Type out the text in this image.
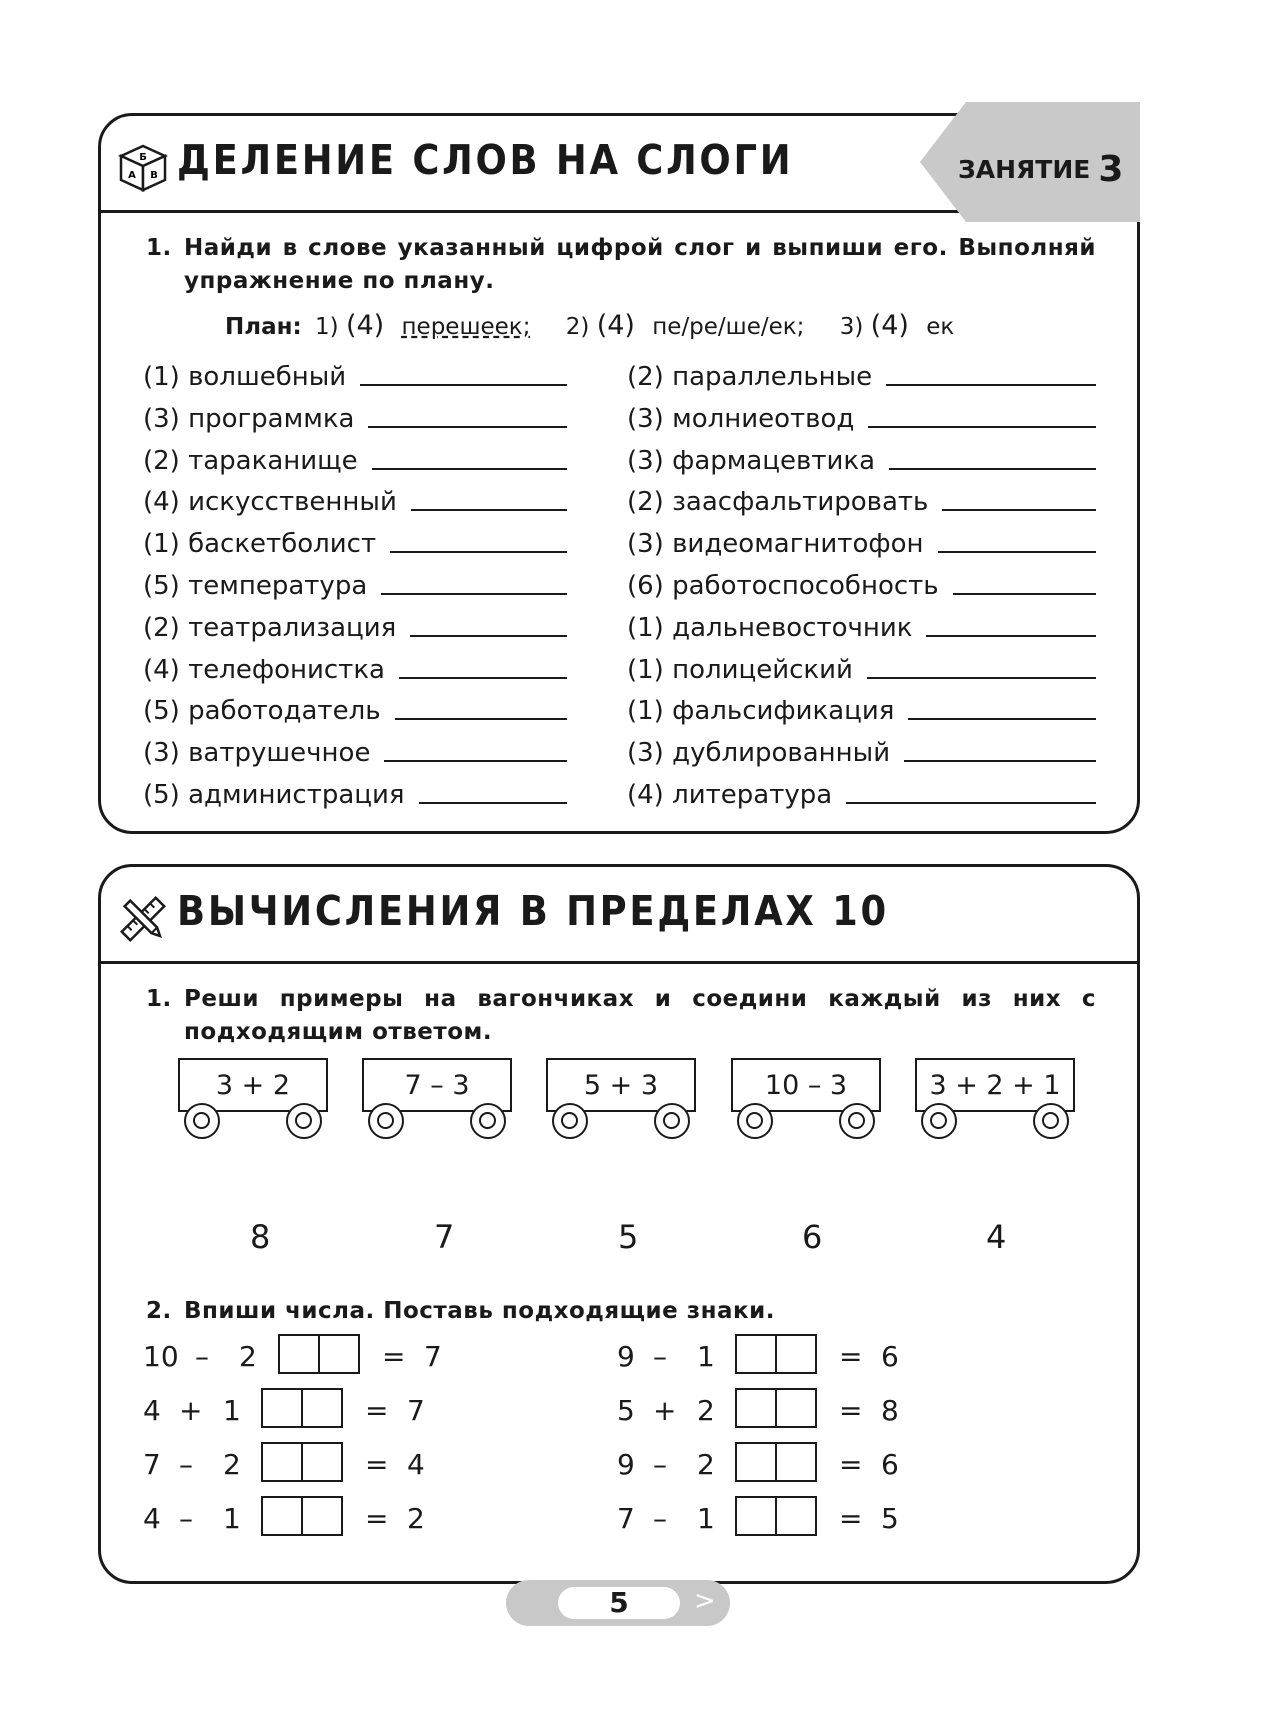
Б
А В ДЕЛЕНИЕ СЛОВ НА СЛОГИ	ЗАНЯТИЕ 3
1. Найди в слове указанный цифрой слог и выпиши его. Выполняй упражнение по плану.
План: 1) (4) перешеек; 2) (4) пе/ре/ше/ек; 3) (4) ек
(1) волшебный
(3) программка
(2) тараканище
(4) искусственный
(1) баскетболист
(5) температура
(2) театрализация
(4) телефонистка
(5) работодатель
(3) ватрушечное
(5) администрация
(2) параллельные
(3) молниеотвод
(3) фармацевтика
(2) заасфальтировать
(3) видеомагнитофон
(6) работоспособность
(1) дальневосточник
(1) полицейский
(1) фальсификация
(3) дублированный
(4) литература
ВЫЧИСЛЕНИЯ В ПРЕДЕЛАХ 10
1. Реши примеры на вагончиках и соедини каждый из них с подходящим ответом.
3 + 2	7 – 3	5 + 3	10 – 3	3 + 2 + 1
8	7	5	6	4
2. Впиши числа. Поставь подходящие знаки.
10 – 2	= 7
4 + 1	= 7
7 – 2	= 4
4 – 1	= 2
9 – 1	= 6
5 + 2	= 8
9 – 2	= 6
7 – 1	= 5
5	>
